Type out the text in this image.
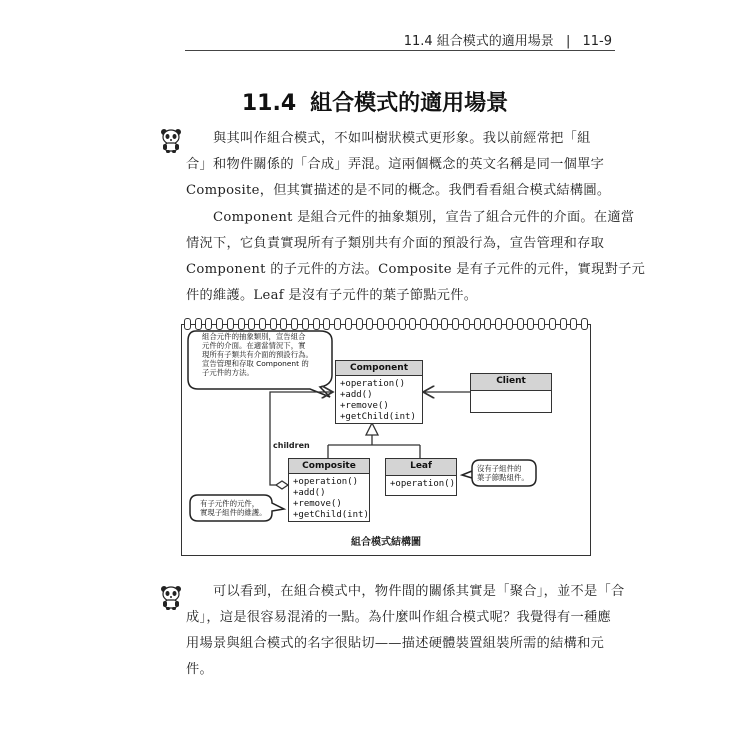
11.4 組合模式的適用場景 | 11-9
11.4 組合模式的適用場景

與其叫作組合模式，不如叫樹狀模式更形象。我以前經常把「組
合」和物件關係的「合成」弄混。這兩個概念的英文名稱是同一個單字
Composite，但其實描述的是不同的概念。我們看看組合模式結構圖。

Component 是組合元件的抽象類別，宣告了組合元件的介面。在適當
情況下，它負責實現所有子類別共有介面的預設行為，宣告管理和存取
Component 的子元件的方法。Composite 是有子元件的元件，實現對子元
件的維護。Leaf 是沒有子元件的葉子節點元件。

組合元件的抽象類別，宣告組合
元件的介面。在適當情況下，實
現所有子類共有介面的預設行為。
宣告管理和存取 Component 的
子元件的方法。
有子元件的元件，
實現子組件的維護。
沒有子組件的
葉子節點組件。
Component
+operation()
+add()
+remove()
+getChild(int)
Client
Composite
+operation()
+add()
+remove()
+getChild(int)
Leaf
+operation()
children
組合模式結構圖

可以看到，在組合模式中，物件間的關係其實是「聚合」，並不是「合
成」，這是很容易混淆的一點。為什麼叫作組合模式呢？我覺得有一種應
用場景與組合模式的名字很貼切——描述硬體裝置組裝所需的結構和元
件。
